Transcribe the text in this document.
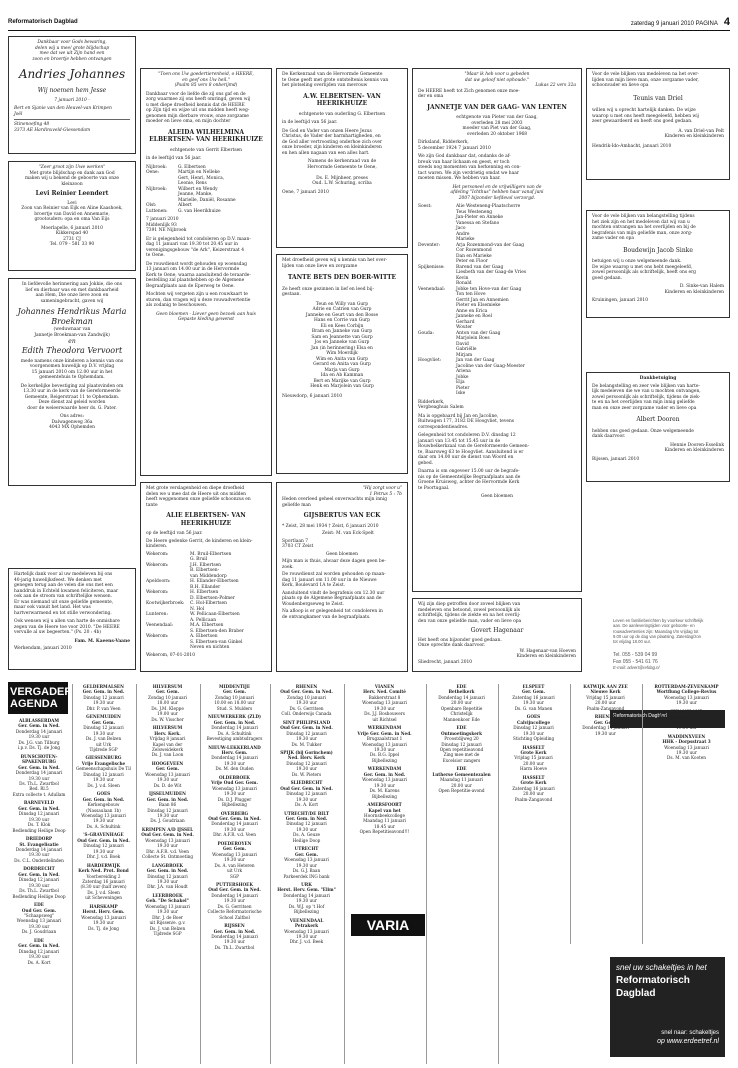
Reformatorisch Dagblad	zaterdag 9 januari 2010 PAGINA 4
Dankbaar voor Gods bewaring,
delen wij u mee/ grote blijdschap
mee dat we uit Zijn hand een
zoon en broertje hebben ontvangen
Andries Johannes
Wij noemen hem Jesse
7 januari 2010 -
Bert en Sjanie van den Heuvel-van Krimpen
Joël
Stinenoefing 48
3373 AE Hardinxveld-Giessendam
"Zeer groot zijn Uwe werken"
Met grote blijdschap en dank aan God
maken wij u bekend de geboorte van onze
kleinzoon
Levi Reinier Leendert
Levi
Zoon van Reinier van Eijk en Aline Kaashoek,
broertje van David en Annemarie,
grootouders: opa en oma Van Eijs
Moerlapelle, 6 januari 2010
Kikkerspad 40
2731 CJ
Tel. 079 - 581 33 90
In liefdevolle herinnering aan Jokkie, die ons
lief en dierbaar was en met dankbaarheid
aan Hem, Die onze lieve zoon en
sameningebracht, gaven wij
Johannes Hendrikus Maria
Broekman
(weduwnaar van
Jannetje Broekman-van Zandwijk)
en
Edith Theodora Vervoort
mede namens onze kinderen a kennis van ons
voorgenomen huwelijk op D.V. vrijdag
15 januari 2010 om 12.00 uur in het
gemeentehuis te Ophemdam.
De kerkelijke bevestiging zal plaatsvinden om
13.30 uur in de kerk van de Gereformeerde
Gemeente, Reigerstraat 11 te Ophemdam.
Deze dienst zal geleid worden
door de weleerwaarde heer ds. G. Pater.
Ons adres:
Dalwagenweg 36a
4043 MX Ophemden
Hartelijk dank voor al uw medeleven bij ons
40-jarig huwelijksfeest. We denken met
genegen terug aan de velen die ons met een
handdruk in Echteld kwamen feliciteren, maar
ook aan de stroom van schriftelijke wensen.
Er was niemand uit onze geliefde gemeente,
maar ook vanuit het land. Het was
hartverwarmend en tot stille verwondering.
Ook wensen wij u allen van harte de onmisbare
zegen van de Heere toe voor 2010. "De HEERE
vervulle al uw begeerten." (Ps. 20 : 4b)
Fam. M. Kaeens-Vaane
Werkendam, januari 2010
"Toen ons Uw goedertierenheid, o HEERE,
en geef ons Uw heil."
(Psalm 85 vers 8 onberijmd)
Dankbaar voor de liefde die zij ons gaf en de
zorg waarmee zij ons heeft omringd, geven wij
u met diepe droefheid kennis dat de HEERE
op Zijn tijd en wijze uit ons midden heeft weg-
genomen mijn dierbare vrouw, onze zorgzame
moeder en lieve oma, en mijn dochter
ALEIDA WILHELMINA ELBERTSEN- VAN HEERIKHUIZE
echtgenote van Gerrit Elbertsen
in de leeftijd van 56 jaar.
Nijbroek:	G. Elbertsen
Oene:	Martijn en Nelleke
Gert, Henri, Monica,
Leonie, Rens
Nijbroek:	Wilbert en Wendy
Jeanne, Manke,
Marielle, Daniël, Rosanne
Olst:	Albert
Luttenen:	G. van Heerikhuize
7 januari 2010
Middenlijk 93
7391 NE Nijbroek
Er is gelegenheid tot condoleren op D.V. maan-
dag 11 januari van 19.30 tot 20.45 uur in
verenigingsgebouw "de Ark", Keizerstraat 4
te Oene.
De rouwdienst wordt gehouden op woensdag
13 januari om 14.00 uur in de Hervormde
Kerk te Oene, waarna aansluitend de teraarde-
bestelling zal plaatshebben op de Algemene
Begraafplaats aan de Eperweg te Oene.
Mochten wij vergeten zijn u een rouwkaart te
sturen, dan vragen wij u deze rouwadvertentie
als zodanig te beschouwen.
Geen bloemen - Liever geen bezoek aan huis
Gepaste kleding gewenst
Met grote verslagenheid en diepe droefheid
delen we u mee dat de Heere uit ons midden
heeft weggenomen onze geliefde schoonzus en
tante
ALIE ELBERTSEN- VAN HEERIKHUIZE
op de leeftijd van 56 jaar.
De Heere gedenke Gerrit, de kinderen en klein-
kinderen.
Wekerom:	M. Bruil-Elbertsen
G. Bruil
Wekerom:	J.H. Elbertsen
B. Elbertsen-
van Middendorp
Apeldoorn:	H. Ellander-Elbertsen
B.H. Ellander
Wekerom:	H. Elbertsen
D. Elbertsen-Polmer
Kootwijkerbroek:	C. Hol-Elbertsen
N. Hol
Lunteren:	W. Pellicaan-Elbertsen
A. Pellicaan
Veenendaal:	M.A. Elbertsen
S. Elbertsen-den Braber
Wekerom:	A. Elbertsen
S. Elbertsen-van Ginkel
Neven en nichten
Wekerom, 07-01-2010
De Kerkenraad van de Hervormde Gemeente
te Oene geeft met grote ontsteltenis kennis van
het plotseling overlijden van mevrouw
A.W. ELBERTSEN- VAN HEERIKHUIZE
echtgenote van ouderling G. Elbertsen
in de leeftijd van 56 jaar.
De God en Vader van onzen Heere Jezus
Christus, de Vader der barmhartigheden, en
de God aller vertroosting onderhoe zich over
onze broeder, zijn kinderen en kleinkinderen
en hen allen nagaan van een alles hart.
Namens de kerkenraad van de
Hervormde Gemeente te Oene,

Ds. E. Mijnheer, preses
Oud. L.W. Schuring, scriba
Oene, 7 januari 2010
Met droefheid geven wij u kennis van het over-
lijden van onze lieve en zorgzame
TANTE BETS DEN BOER-WITTE
Ze heeft onze gezinnen in lief en leed bij-
gestaan.
Teun en Willy van Gurp
Adrie en Catrien van Gurp
Janneke en Geurt van den Bosse
Hans en Corrie van Gurp
Eli en Kees Corbijn
Bram en Janneke van Gurp
Sam en Jeannette van Gurp
Jos en Janneke van Gurp
Jan (in herinnering) Elsa en
Wim Moerdijk
Wim en Anita van Gurp
Gerard en Anita van Gurp
Marja van Gurp
Ida en Ab Kamman
Bert en Marijke van Gurp
Henk en Marjolein van Gurp
Nieuwdorp, 6 januari 2010
"Hij zorgt voor u"
1 Petrus 5 : 7b
Heden overleed geheel onverwachts mijn innig
geliefde man
GIJSBERTUS VAN ECK
* Zeist, 28 mei 1934 † Zeist, 6 januari 2010
Zeist: M. van Eck-Spelt
Sportlaan 7
3703 CT Zeist
Geen bloemen
Mijn man is thuis, alwaar deze dagen geen be-
zoek.
De rouwdienst zal worden gehouden op maan-
dag 11 januari om 11.00 uur in de Nieuwe
Kerk, Boulevard 1A te Zeist.
Aansluitend vindt de begrafenis om 12.30 uur
plaats op de Algemene Begraafplaats aan de
Woudenbergseweg te Zeist.
Na afloop is er gelegenheid tot condoleren in
de ontvangkamer van de begraafplaats.
"Maar ik heb voor u gebeden
dat uw geloof niet ophoude."
Lukas 22 vers 32a
De HEERE heeft tot Zich genomen onze moe-
der en oma
JANNETJE VAN DER GAAG- VAN LENTEN
echtgenote van Pieter van der Gaag,
overleden 28 mei 2003
moeder van Piet van der Gaag,
overleden 20 oktober 1968
Dirksland, Ridderkerk,
5 december 1924 7 januari 2010
We zijn God dankbaar dat, ondanks de af-
breuk van haar lichaam en geest, er toch
steeds nog momenten van herkenning en con-
tact waren. We zijn verdrietig omdat we haar
moeten missen. We hebben van haar.
Het personeel en de vrijwilligers van de
afdeling "Ichthus" hebben haar vanaf juni
2007 bijzonder liefdevol verzorgd.
Soest:	Alie Westeneng-Plaatschorre
Teus Westeneng
Jan-Pieter en Anneke
Vanessa en Stefano
Jaco
Andre
Marieke
Deventer:	Arja Rozenmond-van der Gaag
Cor Rozenmond
Dan en Marieke
Peter en Floor
Spijkenisse:	Barend van der Gaag
Liesbeth van der Gaag-de Vries
Kevin
Ronald
Veenendaal:	Jobke ten Hove-van der Gaag
Ton ten Hove
Gerrit Jan en Annemien
Pieter en Elsemieke
Anne en Erica
Janneke en Roel
Gerhard
Wouter
Gouda:	Anton van der Gaag
Marjolein Boes
David
Gabriëlle
Mirjam
Hoogvliet:	Jan van der Gaag
Jacoline van der Gaag-Moester
Ariena
Jobke
Elja
Pieter
Iske
Ridderkerk,
Vergbeaghuis Salem
Ma is opgebaard bij Jan en Jacoline,
Ruitwagen 177, 3182 DE Hoogvliet, tevens
correspondentieadres.
Gelegenheid tot condoleren D.V. dinsdag 12
januari van 13.45 tot 15.45 uur in de
Rouwbelkerkzaal van de Gereformeerde Gemeen-
te, Baarsweg 63 te Hoogvliet. Aansluitend is er
daar om 14.00 uur de dienst van Woord en
gebed.
Daarna is om ongeveer 15.00 uur de begrafe-
nis op de Gemeentelijke Begraafplaats aan de
Groene Kruisweg, achter de Hervormde Kerk
te Poortugaal.
Geen bloemen
Wij zijn diep getroffen door zoveel blijken van
medeleven ons betoond, zowel persoonlijk als
schriftelijk, tijdens de ziekte en na het overlij-
den van onze geliefde man, vader en lieve opa
Govert Hagenaar
Het heeft ons bijzonder goed gedaan.
Onze oprechte dank daarvoor.
W. Hagenaar-van Hoeven
Kinderen en kleinkinderen
Sliedrecht, januari 2010
Voor de vele blijken van medeleven na het over-
lijden van mijn lieve man, onze zorgzame vader,
schoonvader en lieve opa
Teunis van Driel
willen wij u oprecht hartelijk danken. De wijze
waarop u met ons heeft meegeleefd, hebben wij
zeer gewaardeerd en heeft ons goed gedaan.
A. van Driel-van Pelt
Kinderen en kleinkinderen
Hendrik-Ido-Ambacht, januari 2010
Voor de vele blijken van belangstelling tijdens
het ziek zijn en het medeleven dat wij van u
mochten ontvangen na het overlijden en bij de
begrafenis van mijn geliefde man, onze zorg-
zame vader en opa
Boudewijn Jacob Sinke
betuigen wij u onze welgemeende dank.
De wijze waarop u met ons hebt meegeleefd,
zowel persoonlijk als schriftelijk, heeft ons erg
goed gedaan.
D. Sinke-van Halem
Kinderen en kleinkinderen
Kruiningen, januari 2010
Dankbetuiging
De belangstelling en zeer vele blijken van harte-
lijk medeleven die we van u mochten ontvangen,
zowel persoonlijk als schriftelijk, tijdens de ziek-
te en na het overlijden van mijn innig geliefde
man en onze zeer zorgzame vader en lieve opa
Albert Dooren
hebben ons goed gedaan. Onze welgemeende
dank daarvoor.
Hennie Dooren-Esselink
Kinderen en kleinkinderen
Rijssen, januari 2010
Leven en familieberichten by voorkeur schriftelijk
aan. De aanleveringtijden voor geboorte- en
rouwadvertenties zijn: Maandag t/m vrijdag tot
9.00 uur op de dag van plaatsing. Zaterdag/zon
tot vrijdag 18.00 uur.
Tel. 055 - 539 04 99
Fax 055 - 541 61 76
E-mail: advert@refdag.nl
Reformatorisch Dagblad
VERGADER-AGENDA
ALBLASSERDAM
Ger. Gem. in Ned.
Donderdag 14 januari
19.30 uur
Ds. J.G. van Tilburg
i.p.v. Ds. Tj. de Jong
BUNSCHOTEN-SPAKENBURG
Ger. Gem. in Ned.
Donderdag 14 januari
19.30 uur
Ds. Th.L. Zwartbol
Bed. Rl.5
Extra collecte t. Adullam
BARNEVELD
Ger. Gem. in Ned.
Dinsdag 12 januari
19.30 uur
Ds. T. Klok
Bedlending Heilige Doop
DRIEDORP
St. Evangelisatie
Donderdag 14 januari
19.30 uur
Ds. C.L. Onderdelinden
DORDRECHT
Ger. Gem. in Ned.
Dinsdag 12 januari
19.30 uur
Ds. Th.L. Zwartbol
Bedlending Heilige Doop
EDE
Oud Ger. Gem.
"Schaapsweg"
Woensdag 13 januari
19.30 uur
Ds. J. Goudriaan
EDE
Ger. Gem. in Ned.
Dinsdag 12 januari
19.30 uur
Ds. A. Kort
GELDERMALSEN
Ger. Gem. in Ned.
Dinsdag 12 januari
19.30 uur
Dhr. P. van Veen
GENEMUIDEN
Ger. Gem.
Dinsdag 12 januari
19.30 uur
Ds. J. van Belzen
uit Urk
Tijdrede SGP
GIESSENBURG
Vrije Evangelische
Gemeenschapshuis De Til
Dinsdag 12 januari
19.30 uur
Ds. J. v.d. Sleen
GOES
Ger. Gem. in Ned.
Kerkengebouw
(Nassaulaan 1b)
Woensdag 13 januari
19.30 uur
Ds. A. Schultink
'S-GRAVENHAGE
Oud Ger. Gem. in Ned.
Dinsdag 12 januari
19.30 uur
Dhr. J. v.d. Boek
HARDERWIJK
Kerk Ned. Prot. Bond
Voorbereiding 2
Zaterdag 16 januari
(8.30 uur (half zeven)
Ds. J. v.d. Sleen
uit Scheveningen
HARSKAMP
Herst. Herv. Gem.
Woensdag 13 januari
19.30 uur
Ds. Tj. de Jong
HILVERSUM
Ger. Gem.
Zondag 10 januari
18.00 uur
Ds. J.M. Kleppe
19.00 uur
Ds. W. Visscher
HILVERSUM
Herv. Kerk.
Vrijdag 8 januari
Kapel van der Zelsweidekerk
Ds. J. van Loon
HOOGEVEEN
Ger. Gem.
Woensdag 13 januari
19.30 uur
Ds. D. de Wit
IJSSELMUIDEN
Ger. Gem. in Ned.
Baan 86
Dinsdag 12 januari
19.30 uur
Ds. J. Goudriaan
KRIMPEN A/D IJSSEL
Oud Ger. Gem. in Ned.
Woensdag 13 januari
19.30 uur
Dhr. A.F.R. v.d. Veen
Collecte St. Ontmoeting
LANGBROEK
Ger. Gem. in Ned.
Dinsdag 12 januari
19.30 uur
Dhr. J.A. van Houdt
LEERBROEK
Geb. "De Schakel"
Woensdag 13 januari
19.30 uur
Dhr. J. de Boer
uit Rijssen/e. g.v.
Ds. J. van Belzen
Tijdrede SGP
MIDDENTIJE
Ger. Gem.
Zondag 10 januari
10.00 en 18.00 uur
Stud. S. Mulders
NIEUWERKERK (ZLD)
Ger. Gem. in Ned.
Donderdag 14 januari
Ds. A. Schultink
Bevestiging ambtsdragers
NIEUW-LEKKERLAND
Herv. Gem.
Donderdag 14 januari
19.30 uur
Ds. M. den Ouden
OLDEBROEK
Vrije Oud Ger. Gem.
Woensdag 13 januari
19.30 uur
Ds. D.J. Plugger
Bijbellezing
OVERBERG
Oud Ger. Gem. in Ned.
Donderdag 14 januari
19.30 uur
Dhr. A.F.R. v.d. Veen
POEDEROYEN
Ger. Gem.
Woensdag 13 januari
19.30 uur
Ds. A. van Heteren
uit Urk
SGP
PUTTERSHOEK
Oud Ger. Gem. in Ned.
Donderdag 14 januari
19.30 uur
Ds. G. Gerritsen
Collecte Reformatorische
School Zaltbol
RIJSSEN
Ger. Gem. in Ned.
Donderdag 14 januari
19.30 uur
Ds. Th.L. Zwartbol
RHENEN
Oud Ger. Gem. in Ned.
Zondag 10 januari
19.30 uur
Ds. G. Gerritsen
Coll. Onderwijs Canada
SINT PHILIPSLAND
Oud Ger. Gem. in Ned.
Dinsdag 12 januari
19.30 uur
Ds. M. Tukker
SPIJK (bij Gorinchem)
Ned. Herv. Kerk
Dinsdag 12 januari
19.30 uur
Ds. W. Pieters
SLIEDRECHT
Oud Ger. Gem. in Ned.
Dinsdag 12 januari
19.30 uur
Ds. A. Kort
UTRECHT/DE BILT
Ger. Gem. in Ned.
Dinsdag 12 januari
19.30 uur
Ds. A. Geuze
Heilige Doop
UTRECHT
Ger. Gem.
Woensdag 13 januari
19.30 uur
Ds. G.J. Baan
Parkeerdek ING bank
URK
Herst. Herv. Gem. "Elim"
Donderdag 14 januari
19.30 uur
Ds. W.J. op 't Hof
Bijbellezing
VEENENDAAL
Petrakerk
Woensdag 13 januari
19.30 uur
Dhr. J. v.d. Beek
VIANEN
Herv. Ned. Comité
Bakkerstraat 8
Woensdag 13 januari
19.30 uur
Ds. J.J. Boshouwers
uit Richtsel
WERKENDAM
Vrije Ger. Gem. in Ned.
Brugzaalstraat 1
Woensdag 13 januari
19.30 uur
Ds. B.G. Ippel
Bijbellezing
WERKENDAM
Ger. Gem. in Ned.
Woensdag 13 januari
19.30 uur
Ds. M. Karens
Bijbellezing
AMERSFOORT
Kapel van het
Hoornsbeekcollege
Maandag 11 januari
18.45 uur
Open Repetitieavond!!!
VARIA
EDE
Bethelkerk
Donderdag 14 januari
20.00 uur
Openbare Repetitie
Christelijk
Mannenkoor Ede
EDE
Ontmoetingskerk
Proostdijweg 20
Dinsdag 12 januari
Open repetitieavond
Zing mee met de
Excelsior zangers
EDE
Lutherse Gemeentezalen
Maandag 11 januari
20.00 uur
Open Repetitie-avond
ELSPEET
Ger. Gem.
Zaterdag 16 januari
19.30 uur
Ds. G. van Manen
GOES
Calvijncollege
Dinsdag 12 januari
19.30 uur
Stichting Opleiding
HASSELT
Grote Kerk
Vrijdag 15 januari
20.00 uur
Harm Hoeve
HASSELT
Grote Kerk
Zaterdag 16 januari
20.00 uur
Psalm-Zangavond
KATWIJK AAN ZEE
Nieuwe Kerk
Vrijdag 15 januari
20.00 uur
Psalm-Zangavond
RHENEN
Ger. Gem.
Donderdag 14 januari
19.30 uur
ROTTERDAM-ZEVENKAMP
Wortflung College-Revius
Woensdag 13 januari
19.30 uur
SIJJANSLAND
Reformatorisch Contact
Woensdag 13 januari
19.30 uur
WADDINXVEEN
HHK - Dorpsstraat 3
Woensdag 13 januari
19.30 uur
Ds. M. van Kooten
snel uw schakeltjes in het
Reformatorisch Dagblad
snel naar: schakeltjes
op www.erdeetref.nl
